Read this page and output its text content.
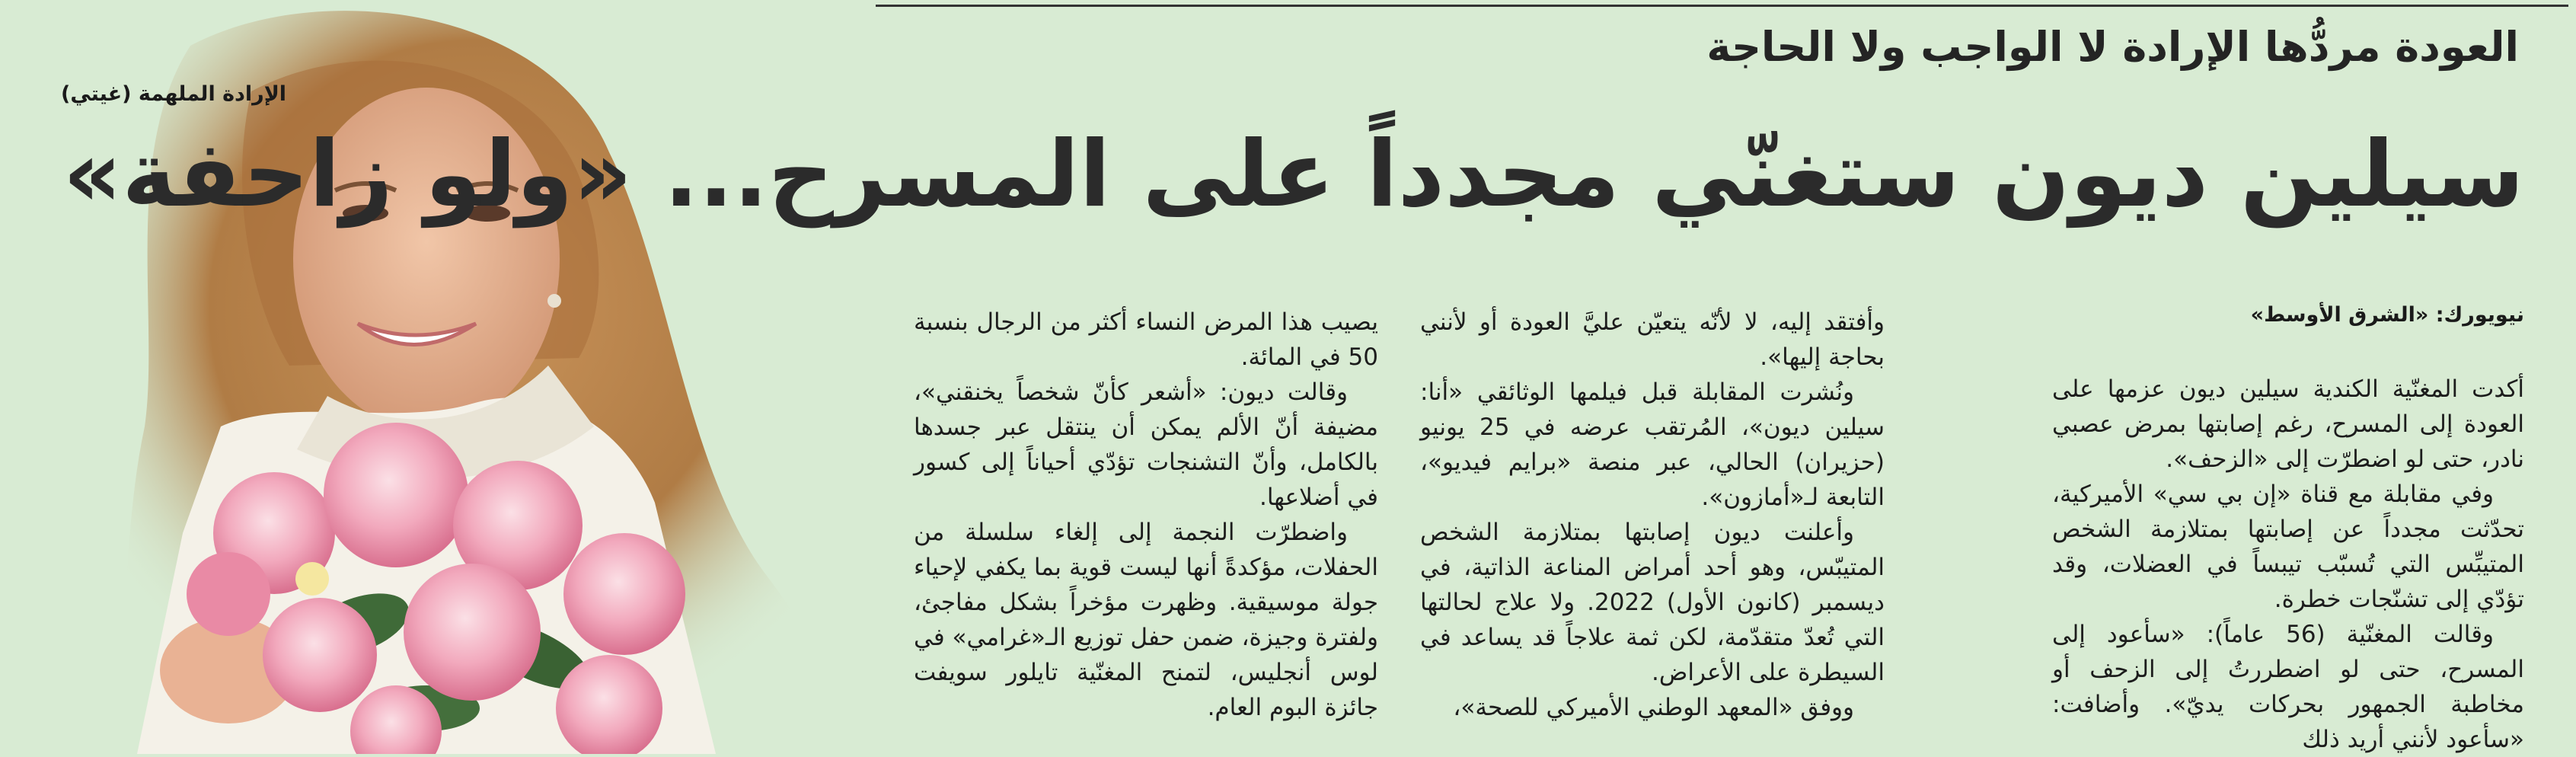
الإرادة الملهمة (غيتي)
العودة مردُّها الإرادة لا الواجب ولا الحاجة
سيلين ديون ستغنّي مجدداً على المسرح... «ولو زاحفة»
نيويورك: «الشرق الأوسط»

أكدت المغنّية الكندية سيلين ديون عزمها على العودة إلى المسرح، رغم إصابتها بمرض عصبي نادر، حتى لو اضطرّت إلى «الزحف».

وفي مقابلة مع قناة «إن بي سي» الأميركية، تحدّثت مجدداً عن إصابتها بمتلازمة الشخص المتيبِّس التي تُسبّب تيبساً في العضلات، وقد تؤدّي إلى تشنّجات خطرة.

وقالت المغنّية (56 عاماً): «سأعود إلى المسرح، حتى لو اضطررتُ إلى الزحف أو مخاطبة الجمهور بحركات يديّ». وأضافت: «سأعود لأنني أريد ذلك

وأفتقد إليه، لا لأنّه يتعيّن عليَّ العودة أو لأنني بحاجة إليها».

ونُشرت المقابلة قبل فيلمها الوثائقي «أنا: سيلين ديون»، المُرتقب عرضه في 25 يونيو (حزيران) الحالي، عبر منصة «برايم فيديو»، التابعة لـ«أمازون».

وأعلنت ديون إصابتها بمتلازمة الشخص المتيبّس، وهو أحد أمراض المناعة الذاتية، في ديسمبر (كانون الأول) 2022. ولا علاج لحالتها التي تُعدّ متقدّمة، لكن ثمة علاجاً قد يساعد في السيطرة على الأعراض.

ووفق «المعهد الوطني الأميركي للصحة»،

يصيب هذا المرض النساء أكثر من الرجال بنسبة 50 في المائة.

وقالت ديون: «أشعر كأنّ شخصاً يخنقني»، مضيفة أنّ الألم يمكن أن ينتقل عبر جسدها بالكامل، وأنّ التشنجات تؤدّي أحياناً إلى كسور في أضلاعها.

واضطرّت النجمة إلى إلغاء سلسلة من الحفلات، مؤكدةً أنها ليست قوية بما يكفي لإحياء جولة موسيقية. وظهرت مؤخراً بشكل مفاجئ، ولفترة وجيزة، ضمن حفل توزيع الـ«غرامي» في لوس أنجليس، لتمنح المغنّية تايلور سويفت جائزة البوم العام.
